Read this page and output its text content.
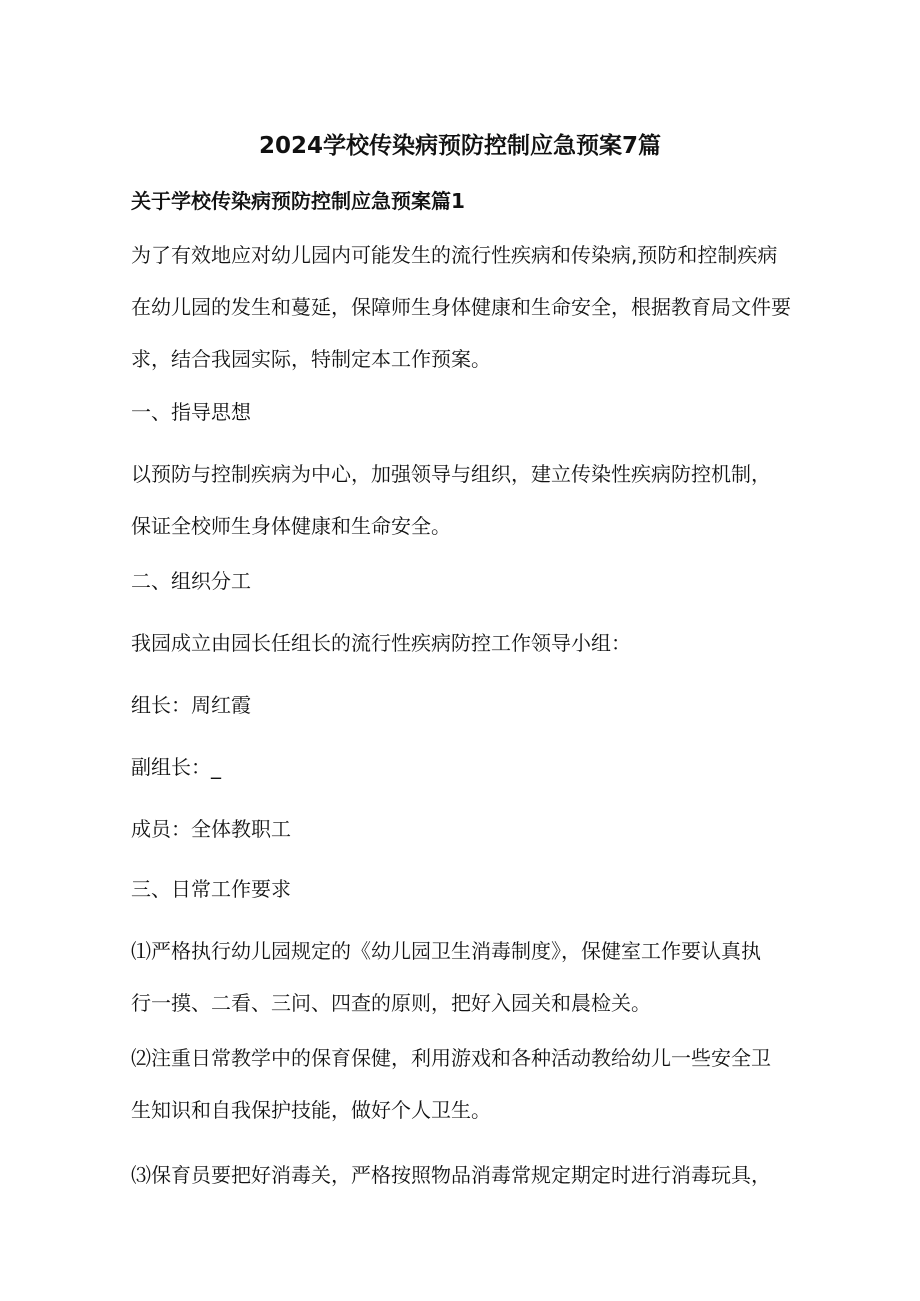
2024学校传染病预防控制应急预案7篇
关于学校传染病预防控制应急预案篇1
为了有效地应对幼儿园内可能发生的流行性疾病和传染病,预防和控制疾病
在幼儿园的发生和蔓延，保障师生身体健康和生命安全，根据教育局文件要
求，结合我园实际，特制定本工作预案。
一、指导思想
以预防与控制疾病为中心，加强领导与组织，建立传染性疾病防控机制，
保证全校师生身体健康和生命安全。
二、组织分工
我园成立由园长任组长的流行性疾病防控工作领导小组：
组长：周红霞
副组长：_
成员：全体教职工
三、日常工作要求
⑴严格执行幼儿园规定的《幼儿园卫生消毒制度》，保健室工作要认真执
行一摸、二看、三问、四查的原则，把好入园关和晨检关。
⑵注重日常教学中的保育保健，利用游戏和各种活动教给幼儿一些安全卫
生知识和自我保护技能，做好个人卫生。
⑶保育员要把好消毒关，严格按照物品消毒常规定期定时进行消毒玩具，
